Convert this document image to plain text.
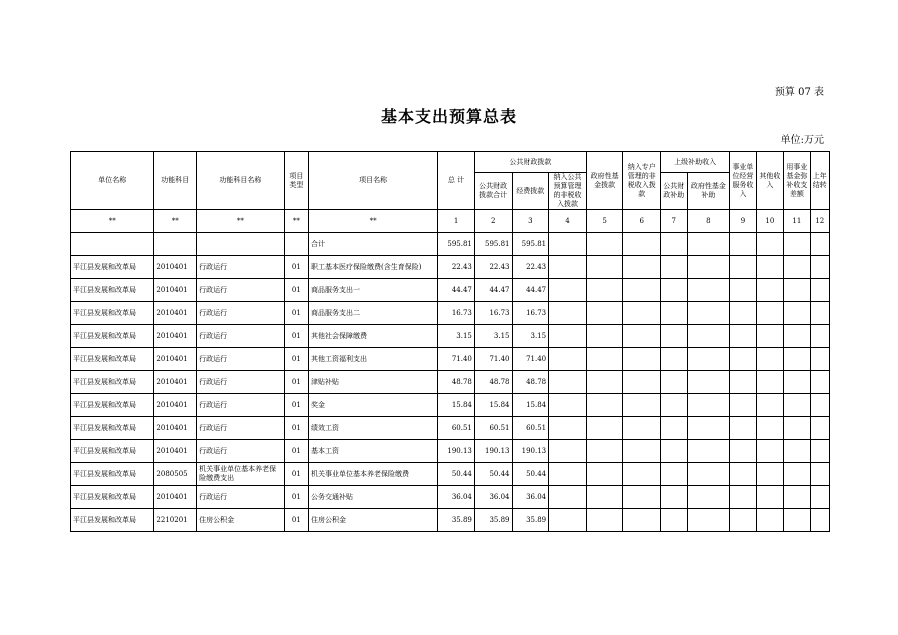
预算 07 表
基本支出预算总表
单位:万元
单位名称	功能科目	功能科目名称	项目类型	项目名称	总 计	公共财政拨款			政府性基金拨款	纳入专户管理的非税收入拨款	上级补助收入		事业单位经营服务收入	其他收入	用事业基金弥补收支差额	上年结转
						公共财政拨款合计	经费拨款	纳入公共预算管理的非税收入拨款								
											公共财政补助	政府性基金补助				
**	**	**	**	**	1	2	3	4	5	6	7	8	9	10	11	12
				合计	595.81	595.81	595.81									
平江县发展和改革局	2010401	行政运行	01	职工基本医疗保险缴费(含生育保险)	22.43	22.43	22.43									
平江县发展和改革局	2010401	行政运行	01	商品服务支出一	44.47	44.47	44.47									
平江县发展和改革局	2010401	行政运行	01	商品服务支出二	16.73	16.73	16.73									
平江县发展和改革局	2010401	行政运行	01	其他社会保障缴费	3.15	3.15	3.15									
平江县发展和改革局	2010401	行政运行	01	其他工资福利支出	71.40	71.40	71.40									
平江县发展和改革局	2010401	行政运行	01	津贴补贴	48.78	48.78	48.78									
平江县发展和改革局	2010401	行政运行	01	奖金	15.84	15.84	15.84									
平江县发展和改革局	2010401	行政运行	01	绩效工资	60.51	60.51	60.51									
平江县发展和改革局	2010401	行政运行	01	基本工资	190.13	190.13	190.13									
平江县发展和改革局	2080505	机关事业单位基本养老保险缴费支出	01	机关事业单位基本养老保险缴费	50.44	50.44	50.44									
平江县发展和改革局	2010401	行政运行	01	公务交通补贴	36.04	36.04	36.04									
平江县发展和改革局	2210201	住房公积金	01	住房公积金	35.89	35.89	35.89									
